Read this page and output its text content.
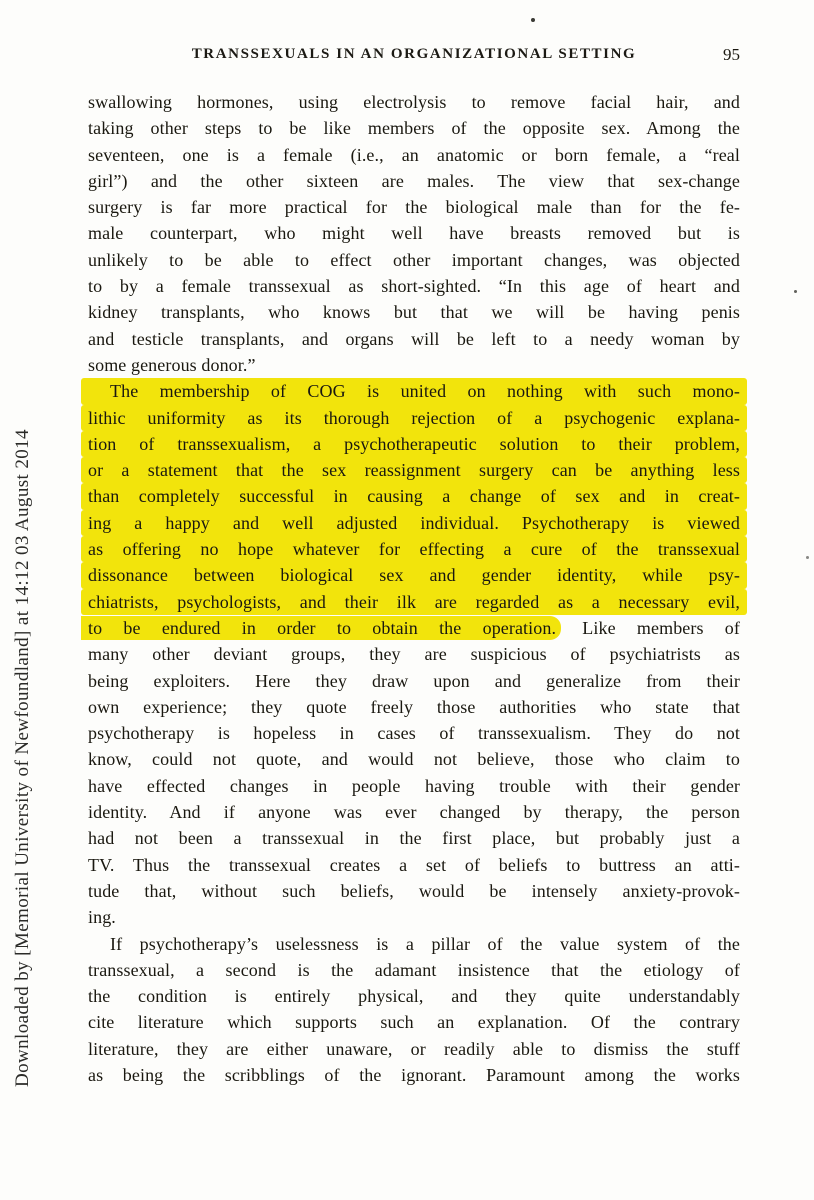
Downloaded by [Memorial University of Newfoundland] at 14:12 03 August 2014
TRANSSEXUALS IN AN ORGANIZATIONAL SETTING	95
swallowing hormones, using electrolysis to remove facial hair, and
taking other steps to be like members of the opposite sex. Among the
seventeen, one is a female (i.e., an anatomic or born female, a “real
girl”) and the other sixteen are males. The view that sex-change
surgery is far more practical for the biological male than for the fe-
male counterpart, who might well have breasts removed but is
unlikely to be able to effect other important changes, was objected
to by a female transsexual as short-sighted. “In this age of heart and
kidney transplants, who knows but that we will be having penis
and testicle transplants, and organs will be left to a needy woman by
some generous donor.”
The membership of COG is united on nothing with such mono-
lithic uniformity as its thorough rejection of a psychogenic explana-
tion of transsexualism, a psychotherapeutic solution to their problem,
or a statement that the sex reassignment surgery can be anything less
than completely successful in causing a change of sex and in creat-
ing a happy and well adjusted individual. Psychotherapy is viewed
as offering no hope whatever for effecting a cure of the transsexual
dissonance between biological sex and gender identity, while psy-
chiatrists, psychologists, and their ilk are regarded as a necessary evil,
to be endured in order to obtain the operation. Like members of
many other deviant groups, they are suspicious of psychiatrists as
being exploiters. Here they draw upon and generalize from their
own experience; they quote freely those authorities who state that
psychotherapy is hopeless in cases of transsexualism. They do not
know, could not quote, and would not believe, those who claim to
have effected changes in people having trouble with their gender
identity. And if anyone was ever changed by therapy, the person
had not been a transsexual in the first place, but probably just a
TV. Thus the transsexual creates a set of beliefs to buttress an atti-
tude that, without such beliefs, would be intensely anxiety-provok-
ing.
If psychotherapy’s uselessness is a pillar of the value system of the
transsexual, a second is the adamant insistence that the etiology of
the condition is entirely physical, and they quite understandably
cite literature which supports such an explanation. Of the contrary
literature, they are either unaware, or readily able to dismiss the stuff
as being the scribblings of the ignorant. Paramount among the works
